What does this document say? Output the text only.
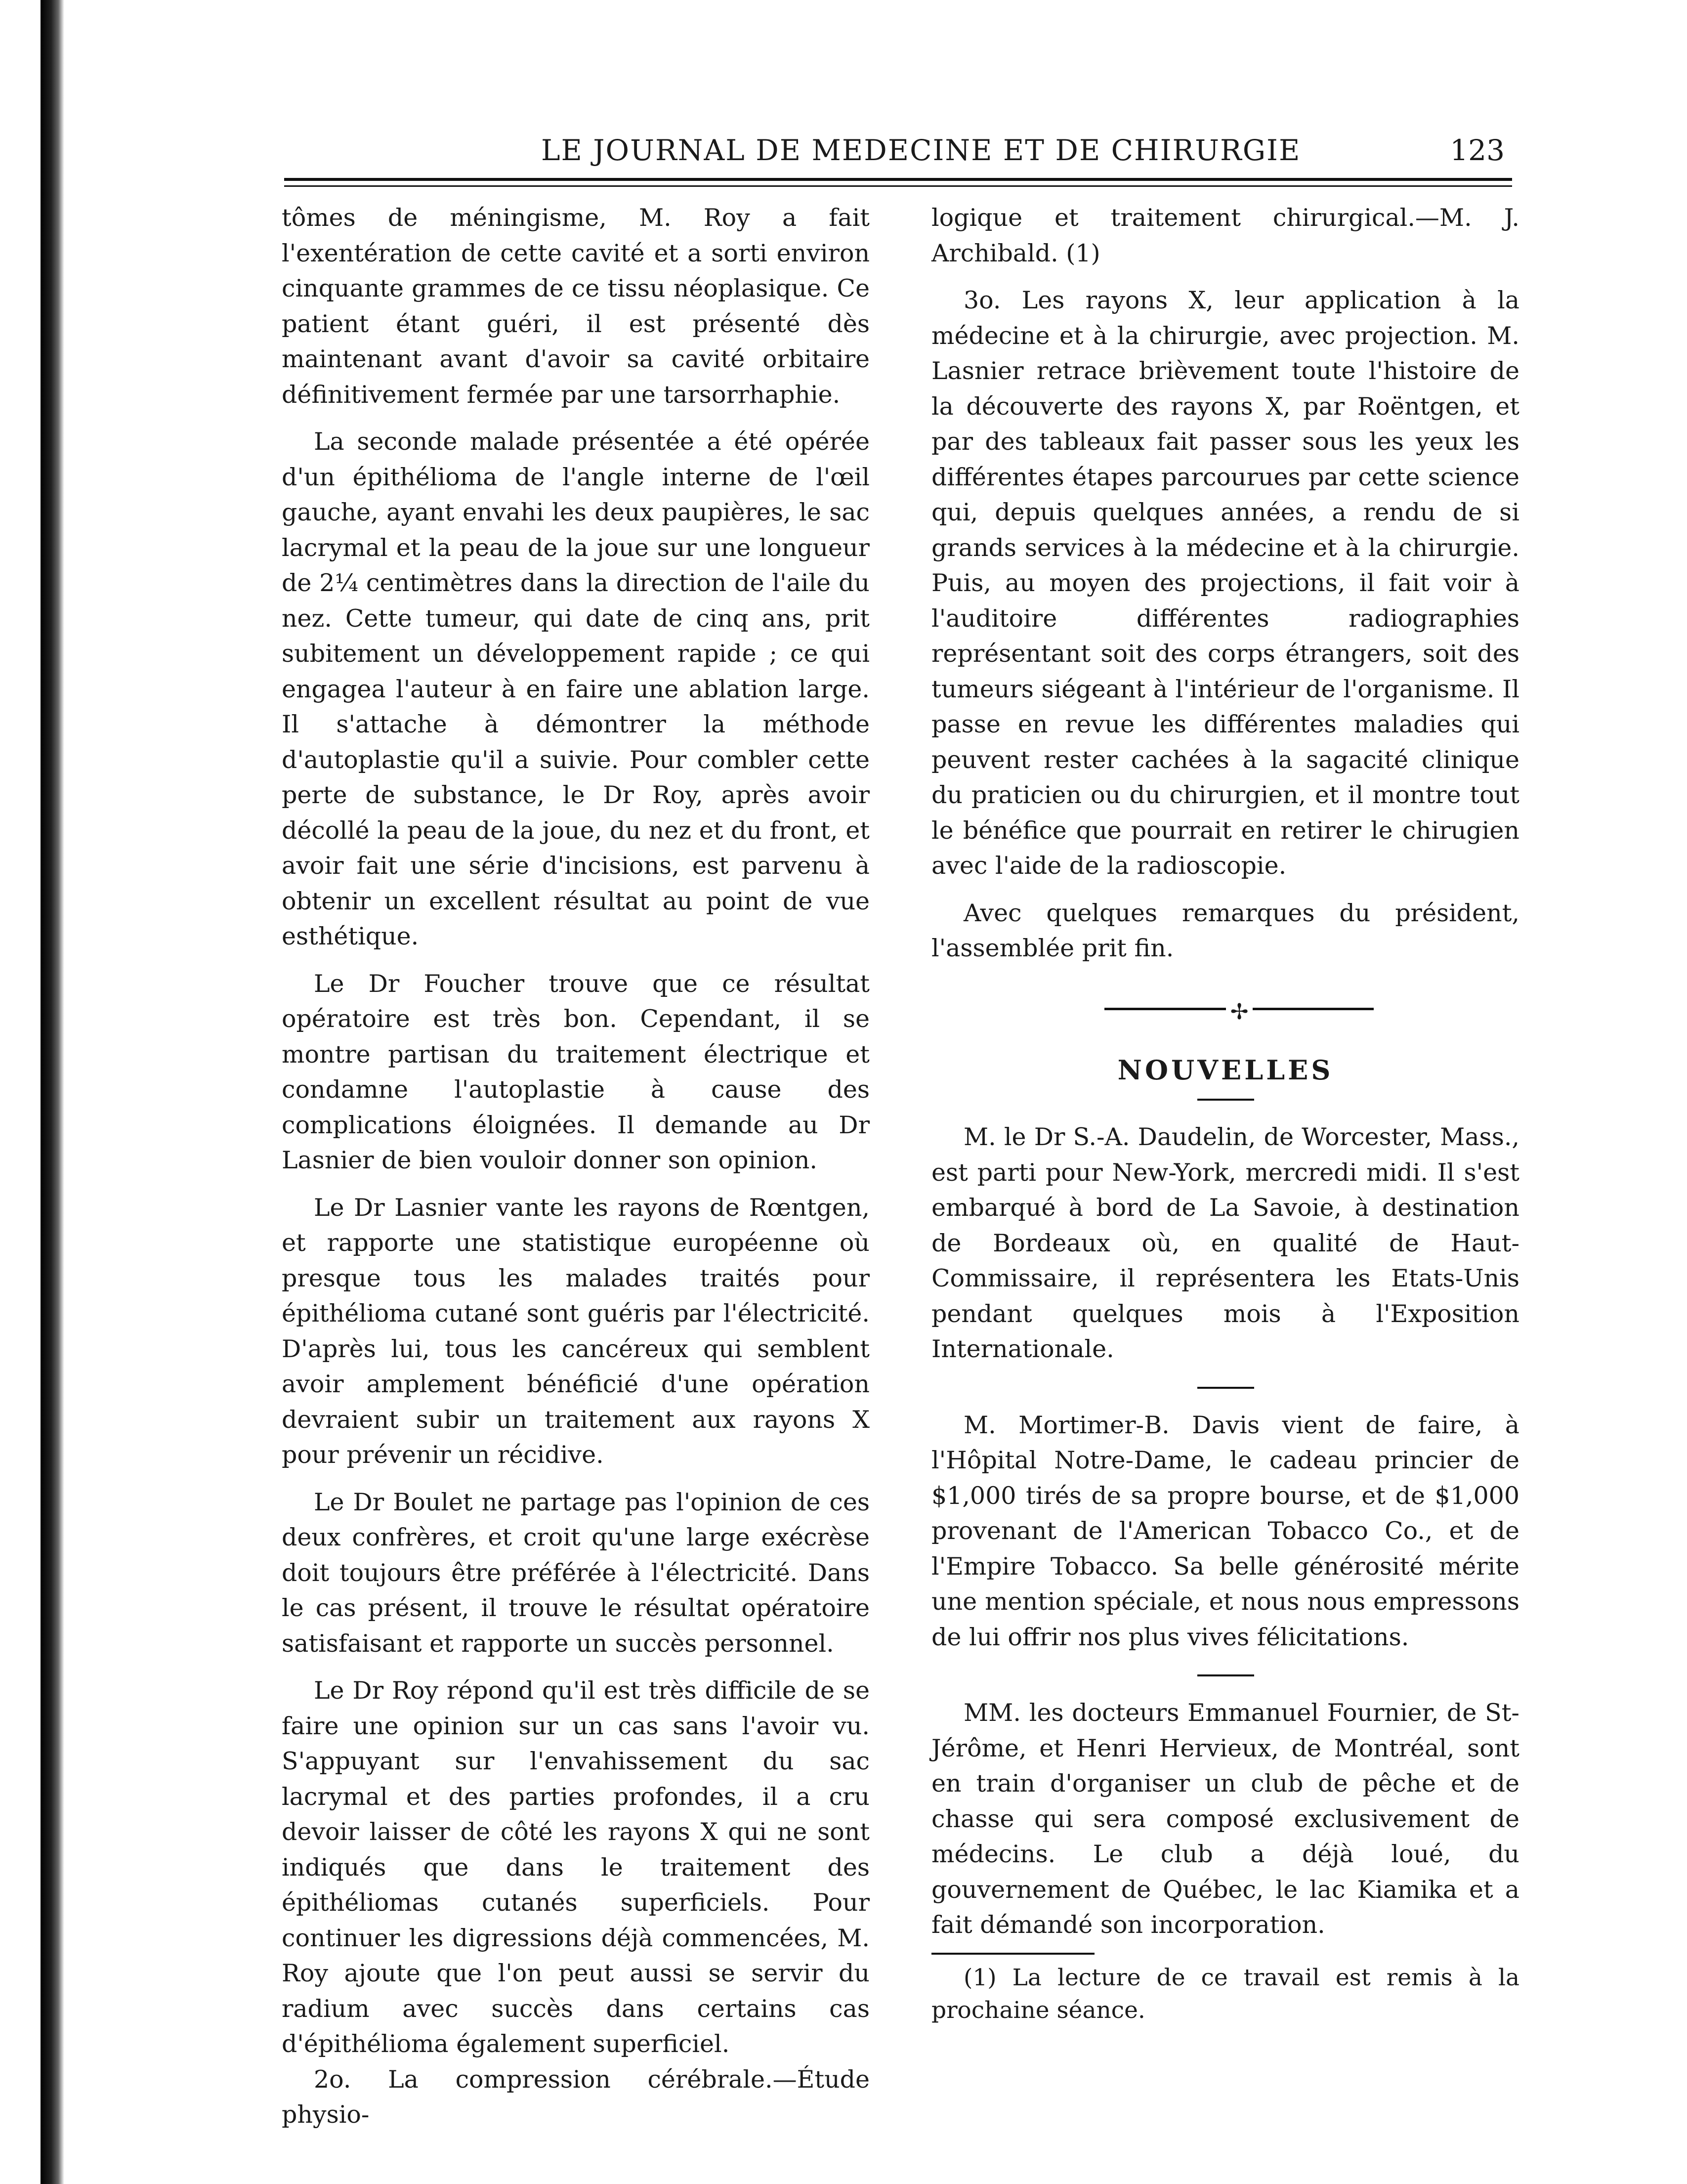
LE JOURNAL DE MEDECINE ET DE CHIRURGIE	123

tômes de méningisme, M. Roy a fait l'exentération de cette cavité et a sorti environ cinquante grammes de ce tissu néoplasique. Ce patient étant guéri, il est présenté dès maintenant avant d'avoir sa cavité orbitaire définitivement fermée par une tarsorrhaphie.

La seconde malade présentée a été opérée d'un épithélioma de l'angle interne de l'œil gauche, ayant envahi les deux paupières, le sac lacrymal et la peau de la joue sur une longueur de 2¼ centimètres dans la direction de l'aile du nez. Cette tumeur, qui date de cinq ans, prit subitement un développement rapide ; ce qui engagea l'auteur à en faire une ablation large. Il s'attache à démontrer la méthode d'autoplastie qu'il a suivie. Pour combler cette perte de substance, le Dr Roy, après avoir décollé la peau de la joue, du nez et du front, et avoir fait une série d'incisions, est parvenu à obtenir un excellent résultat au point de vue esthétique.

Le Dr Foucher trouve que ce résultat opératoire est très bon. Cependant, il se montre partisan du traitement électrique et condamne l'autoplastie à cause des complications éloignées. Il demande au Dr Lasnier de bien vouloir donner son opinion.

Le Dr Lasnier vante les rayons de Rœntgen, et rapporte une statistique européenne où presque tous les malades traités pour épithélioma cutané sont guéris par l'électricité. D'après lui, tous les cancéreux qui semblent avoir amplement bénéficié d'une opération devraient subir un traitement aux rayons X pour prévenir un récidive.

Le Dr Boulet ne partage pas l'opinion de ces deux confrères, et croit qu'une large exécrèse doit toujours être préférée à l'électricité. Dans le cas présent, il trouve le résultat opératoire satisfaisant et rapporte un succès personnel.

Le Dr Roy répond qu'il est très difficile de se faire une opinion sur un cas sans l'avoir vu. S'appuyant sur l'envahissement du sac lacrymal et des parties profondes, il a cru devoir laisser de côté les rayons X qui ne sont indiqués que dans le traitement des épithéliomas cutanés superficiels. Pour continuer les digressions déjà commencées, M. Roy ajoute que l'on peut aussi se servir du radium avec succès dans certains cas d'épithélioma également superficiel.

2o. La compression cérébrale.—Étude physio-

logique et traitement chirurgical.—M. J. Archibald. (1)

3o. Les rayons X, leur application à la médecine et à la chirurgie, avec projection. M. Lasnier retrace brièvement toute l'histoire de la découverte des rayons X, par Roëntgen, et par des tableaux fait passer sous les yeux les différentes étapes parcourues par cette science qui, depuis quelques années, a rendu de si grands services à la médecine et à la chirurgie. Puis, au moyen des projections, il fait voir à l'auditoire différentes radiographies représentant soit des corps étrangers, soit des tumeurs siégeant à l'intérieur de l'organisme. Il passe en revue les différentes maladies qui peuvent rester cachées à la sagacité clinique du praticien ou du chirurgien, et il montre tout le bénéfice que pourrait en retirer le chirugien avec l'aide de la radioscopie.

Avec quelques remarques du président, l'assemblée prit fin.

✢
NOUVELLES

M. le Dr S.-A. Daudelin, de Worcester, Mass., est parti pour New-York, mercredi midi. Il s'est embarqué à bord de La Savoie, à destination de Bordeaux où, en qualité de Haut-Commissaire, il représentera les Etats-Unis pendant quelques mois à l'Exposition Internationale.

M. Mortimer-B. Davis vient de faire, à l'Hôpital Notre-Dame, le cadeau princier de $1,000 tirés de sa propre bourse, et de $1,000 provenant de l'American Tobacco Co., et de l'Empire Tobacco. Sa belle générosité mérite une mention spéciale, et nous nous empressons de lui offrir nos plus vives félicitations.

MM. les docteurs Emmanuel Fournier, de St-Jérôme, et Henri Hervieux, de Montréal, sont en train d'organiser un club de pêche et de chasse qui sera composé exclusivement de médecins. Le club a déjà loué, du gouvernement de Québec, le lac Kiamika et a fait démandé son incorporation.

(1) La lecture de ce travail est remis à la prochaine séance.
